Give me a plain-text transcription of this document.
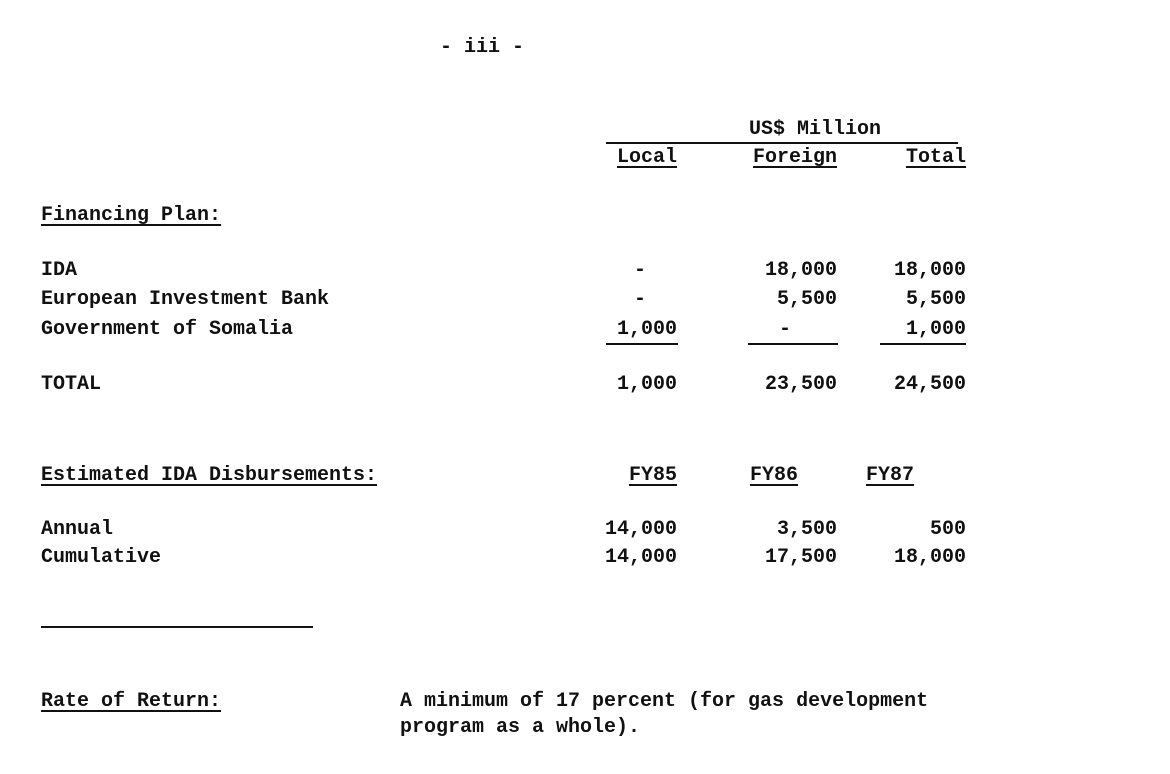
- iii -
US$ Million
Local	Foreign	Total
Financing Plan:
IDA	-	18,000	18,000
European Investment Bank	-	5,500	5,500
Government of Somalia	1,000	-	1,000
TOTAL	1,000	23,500	24,500
Estimated IDA Disbursements:	FY85	FY86	FY87
Annual	14,000	3,500	500
Cumulative	14,000	17,500	18,000
Rate of Return:	A minimum of 17 percent (for gas development
program as a whole).
